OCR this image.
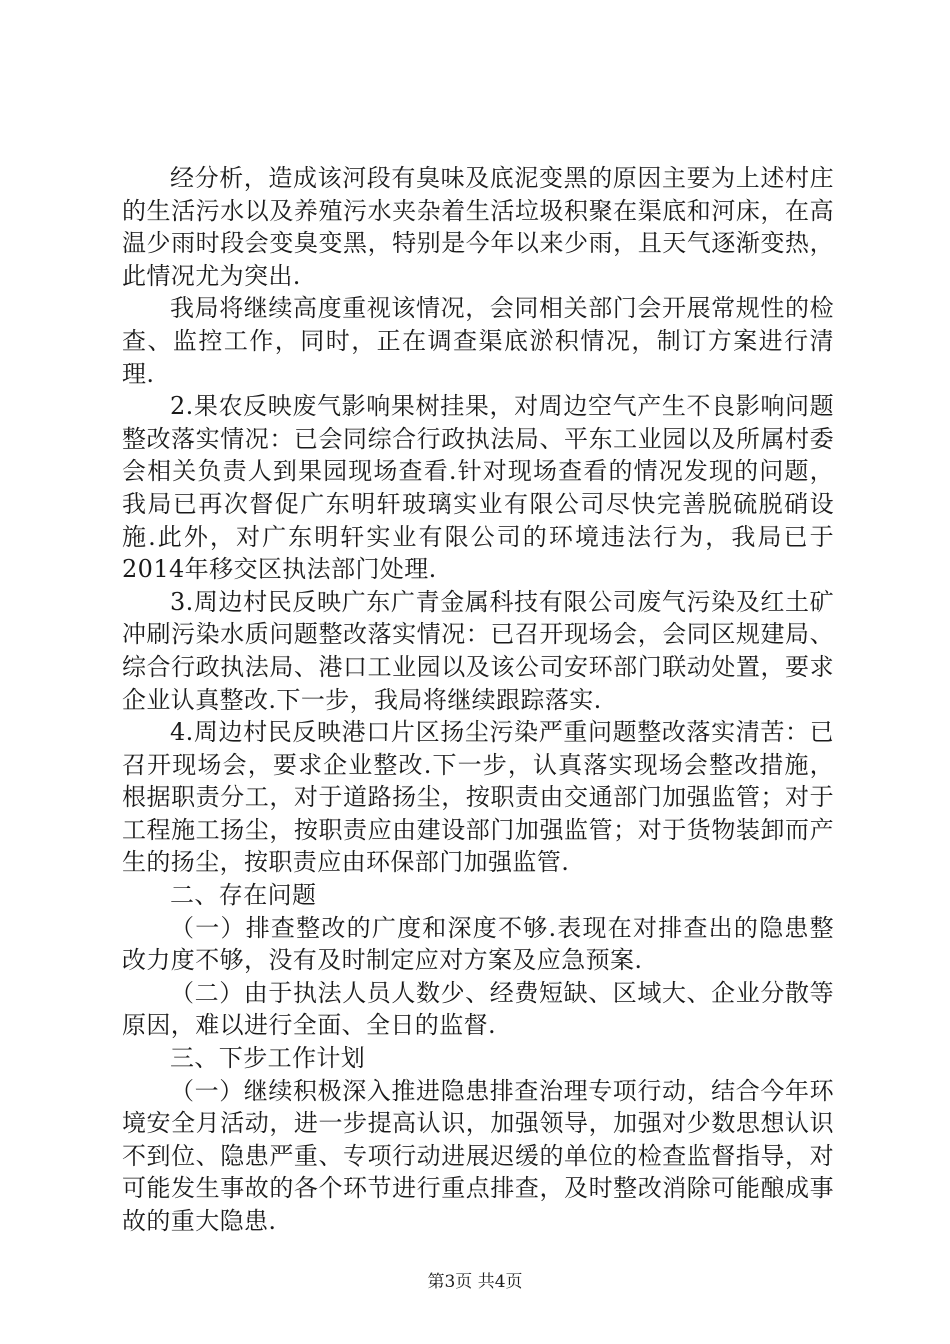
经分析，造成该河段有臭味及底泥变黑的原因主要为上述村庄的生活污水以及养殖污水夹杂着生活垃圾积聚在渠底和河床，在高温少雨时段会变臭变黑，特别是今年以来少雨，且天气逐渐变热，此情况尤为突出.

我局将继续高度重视该情况，会同相关部门会开展常规性的检查、监控工作，同时，正在调查渠底淤积情况，制订方案进行清理.

2.果农反映废气影响果树挂果，对周边空气产生不良影响问题整改落实情况：已会同综合行政执法局、平东工业园以及所属村委会相关负责人到果园现场查看.针对现场查看的情况发现的问题，我局已再次督促广东明轩玻璃实业有限公司尽快完善脱硫脱硝设施.此外，对广东明轩实业有限公司的环境违法行为，我局已于2014年移交区执法部门处理.

3.周边村民反映广东广青金属科技有限公司废气污染及红土矿冲刷污染水质问题整改落实情况：已召开现场会，会同区规建局、综合行政执法局、港口工业园以及该公司安环部门联动处置，要求企业认真整改.下一步，我局将继续跟踪落实.

4.周边村民反映港口片区扬尘污染严重问题整改落实清苦：已召开现场会，要求企业整改.下一步，认真落实现场会整改措施，根据职责分工，对于道路扬尘，按职责由交通部门加强监管；对于工程施工扬尘，按职责应由建设部门加强监管；对于货物装卸而产生的扬尘，按职责应由环保部门加强监管.

二、存在问题

（一）排查整改的广度和深度不够.表现在对排查出的隐患整改力度不够，没有及时制定应对方案及应急预案.

（二）由于执法人员人数少、经费短缺、区域大、企业分散等原因，难以进行全面、全日的监督.

三、下步工作计划

（一）继续积极深入推进隐患排查治理专项行动，结合今年环境安全月活动，进一步提高认识，加强领导，加强对少数思想认识不到位、隐患严重、专项行动进展迟缓的单位的检查监督指导，对可能发生事故的各个环节进行重点排查，及时整改消除可能酿成事故的重大隐患.

第3页 共4页
